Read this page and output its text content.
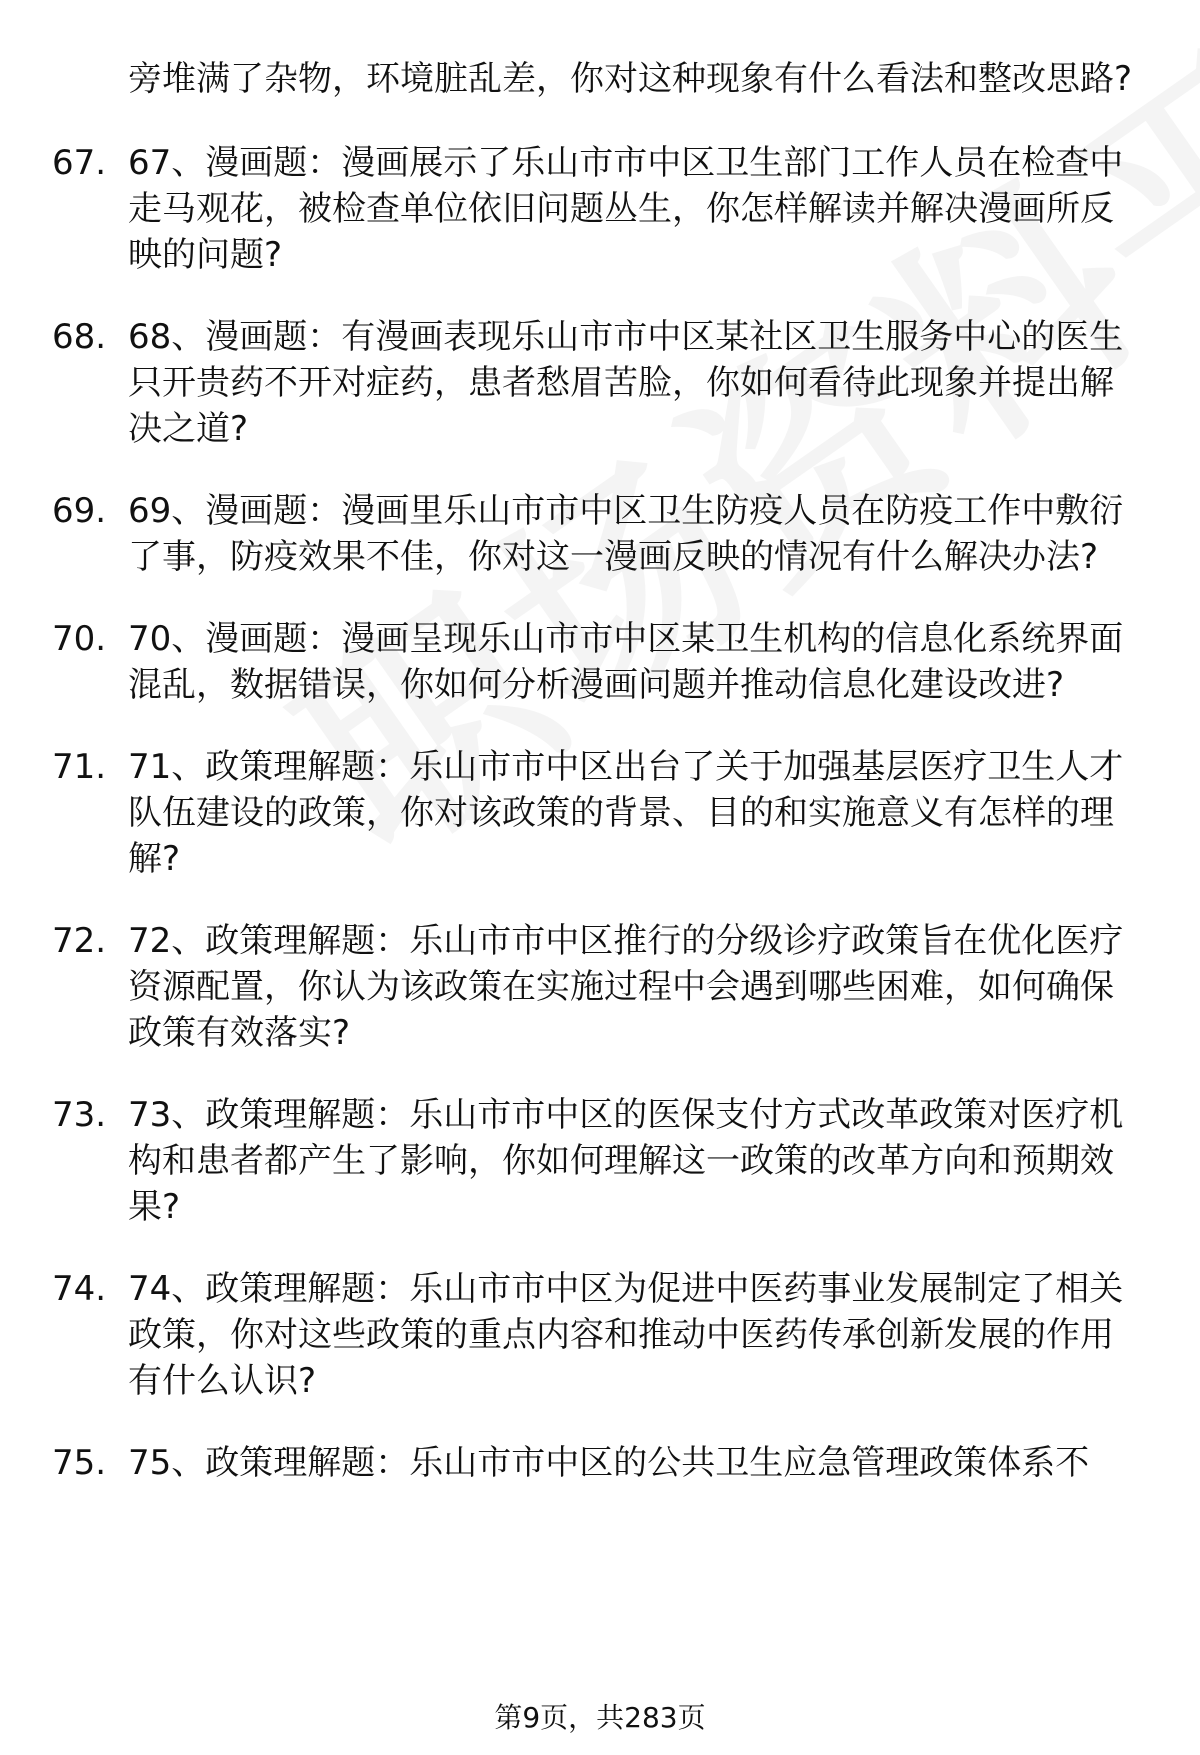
旁堆满了杂物，环境脏乱差，你对这种现象有什么看法和整改思路?
67. 67、漫画题：漫画展示了乐山市市中区卫生部门工作人员在检查中走马观花，被检查单位依旧问题丛生，你怎样解读并解决漫画所反映的问题?
68. 68、漫画题：有漫画表现乐山市市中区某社区卫生服务中心的医生只开贵药不开对症药，患者愁眉苦脸，你如何看待此现象并提出解决之道?
69. 69、漫画题：漫画里乐山市市中区卫生防疫人员在防疫工作中敷衍了事，防疫效果不佳，你对这一漫画反映的情况有什么解决办法?
70. 70、漫画题：漫画呈现乐山市市中区某卫生机构的信息化系统界面混乱，数据错误，你如何分析漫画问题并推动信息化建设改进?
71. 71、政策理解题：乐山市市中区出台了关于加强基层医疗卫生人才队伍建设的政策，你对该政策的背景、目的和实施意义有怎样的理解?
72. 72、政策理解题：乐山市市中区推行的分级诊疗政策旨在优化医疗资源配置，你认为该政策在实施过程中会遇到哪些困难，如何确保政策有效落实?
73. 73、政策理解题：乐山市市中区的医保支付方式改革政策对医疗机构和患者都产生了影响，你如何理解这一政策的改革方向和预期效果?
74. 74、政策理解题：乐山市市中区为促进中医药事业发展制定了相关政策，你对这些政策的重点内容和推动中医药传承创新发展的作用有什么认识?
75. 75、政策理解题：乐山市市中区的公共卫生应急管理政策体系不
第9页，共283页
